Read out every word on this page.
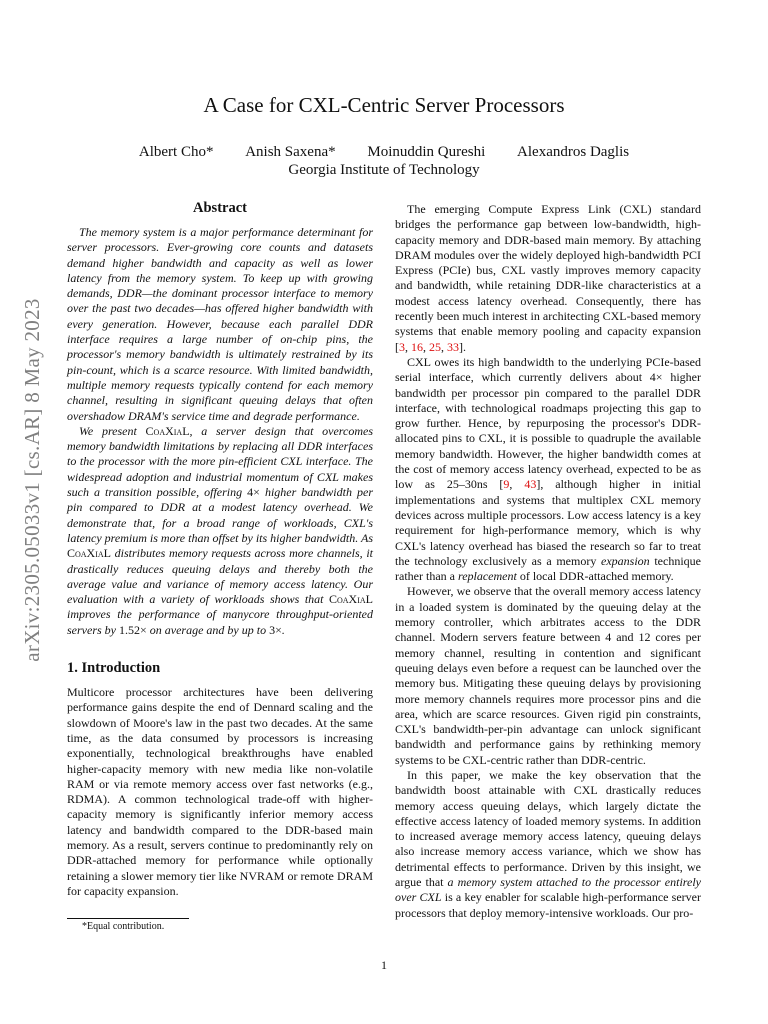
arXiv:2305.05033v1 [cs.AR] 8 May 2023
A Case for CXL-Centric Server Processors
Albert Cho* Anish Saxena* Moinuddin Qureshi Alexandros Daglis
Georgia Institute of Technology
Abstract

The memory system is a major performance determinant for server processors. Ever-growing core counts and datasets demand higher bandwidth and capacity as well as lower latency from the memory system. To keep up with growing demands, DDR—the dominant processor interface to memory over the past two decades—has offered higher bandwidth with every generation. However, because each parallel DDR interface requires a large number of on-chip pins, the processor's memory bandwidth is ultimately restrained by its pin-count, which is a scarce resource. With limited bandwidth, multiple memory requests typically contend for each memory channel, resulting in significant queuing delays that often overshadow DRAM's service time and degrade performance.

We present CoaXiaL, a server design that overcomes memory bandwidth limitations by replacing all DDR interfaces to the processor with the more pin-efficient CXL interface. The widespread adoption and industrial momentum of CXL makes such a transition possible, offering 4× higher bandwidth per pin compared to DDR at a modest latency overhead. We demonstrate that, for a broad range of workloads, CXL's latency premium is more than offset by its higher bandwidth. As CoaXiaL distributes memory requests across more channels, it drastically reduces queuing delays and thereby both the average value and variance of memory access latency. Our evaluation with a variety of workloads shows that CoaXiaL improves the performance of manycore throughput-oriented servers by 1.52× on average and by up to 3×.

1. Introduction

Multicore processor architectures have been delivering performance gains despite the end of Dennard scaling and the slowdown of Moore's law in the past two decades. At the same time, as the data consumed by processors is increasing exponentially, technological breakthroughs have enabled higher-capacity memory with new media like non-volatile RAM or via remote memory access over fast networks (e.g., RDMA). A common technological trade-off with higher-capacity memory is significantly inferior memory access latency and bandwidth compared to the DDR-based main memory. As a result, servers continue to predominantly rely on DDR-attached memory for performance while optionally retaining a slower memory tier like NVRAM or remote DRAM for capacity expansion.

The emerging Compute Express Link (CXL) standard bridges the performance gap between low-bandwidth, high-capacity memory and DDR-based main memory. By attaching DRAM modules over the widely deployed high-bandwidth PCI Express (PCIe) bus, CXL vastly improves memory capacity and bandwidth, while retaining DDR-like characteristics at a modest access latency overhead. Consequently, there has recently been much interest in architecting CXL-based memory systems that enable memory pooling and capacity expansion [3, 16, 25, 33].

CXL owes its high bandwidth to the underlying PCIe-based serial interface, which currently delivers about 4× higher bandwidth per processor pin compared to the parallel DDR interface, with technological roadmaps projecting this gap to grow further. Hence, by repurposing the processor's DDR-allocated pins to CXL, it is possible to quadruple the available memory bandwidth. However, the higher bandwidth comes at the cost of memory access latency overhead, expected to be as low as 25–30ns [9, 43], although higher in initial implementations and systems that multiplex CXL memory devices across multiple processors. Low access latency is a key requirement for high-performance memory, which is why CXL's latency overhead has biased the research so far to treat the technology exclusively as a memory expansion technique rather than a replacement of local DDR-attached memory.

However, we observe that the overall memory access latency in a loaded system is dominated by the queuing delay at the memory controller, which arbitrates access to the DDR channel. Modern servers feature between 4 and 12 cores per memory channel, resulting in contention and significant queuing delays even before a request can be launched over the memory bus. Mitigating these queuing delays by provisioning more memory channels requires more processor pins and die area, which are scarce resources. Given rigid pin constraints, CXL's bandwidth-per-pin advantage can unlock significant bandwidth and performance gains by rethinking memory systems to be CXL-centric rather than DDR-centric.

In this paper, we make the key observation that the bandwidth boost attainable with CXL drastically reduces memory access queuing delays, which largely dictate the effective access latency of loaded memory systems. In addition to increased average memory access latency, queuing delays also increase memory access variance, which we show has detrimental effects to performance. Driven by this insight, we argue that a memory system attached to the processor entirely over CXL is a key enabler for scalable high-performance server processors that deploy memory-intensive workloads. Our pro-

*Equal contribution.
1
